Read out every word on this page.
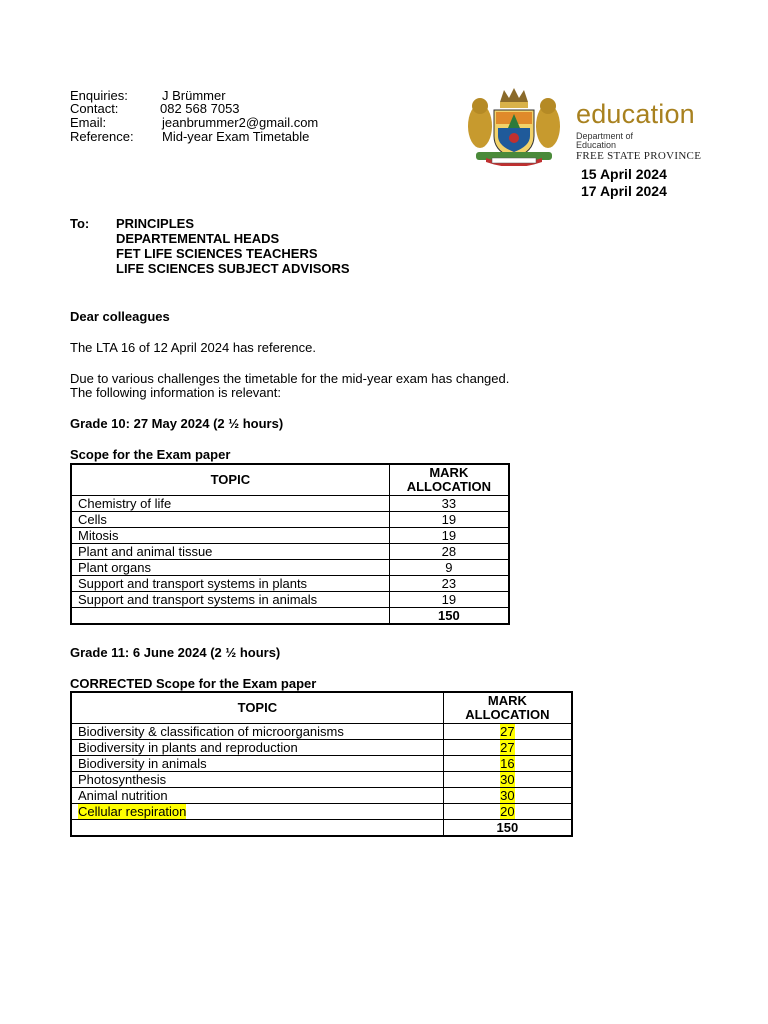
Enquiries:	J Brümmer
Contact:	082 568 7053
Email:	jeanbrummer2@gmail.com
Reference: Mid-year Exam Timetable
education
Department of
Education
FREE STATE PROVINCE
15 April 2024
17 April 2024
To: PRINCIPLES
DEPARTEMENTAL HEADS
FET LIFE SCIENCES TEACHERS
LIFE SCIENCES SUBJECT ADVISORS
Dear colleagues
The LTA 16 of 12 April 2024 has reference.
Due to various challenges the timetable for the mid-year exam has changed.
The following information is relevant:
Grade 10: 27 May 2024 (2 ½ hours)
Scope for the Exam paper
TOPIC	MARK
ALLOCATION

Chemistry of life	33
Cells	19
Mitosis	19
Plant and animal tissue	28
Plant organs	9
Support and transport systems in plants	23
Support and transport systems in animals	19
	150
Grade 11: 6 June 2024 (2 ½ hours)
CORRECTED Scope for the Exam paper
TOPIC	MARK
ALLOCATION

Biodiversity & classification of microorganisms	27
Biodiversity in plants and reproduction	27
Biodiversity in animals	16
Photosynthesis	30
Animal nutrition	30
Cellular respiration	20
	150
